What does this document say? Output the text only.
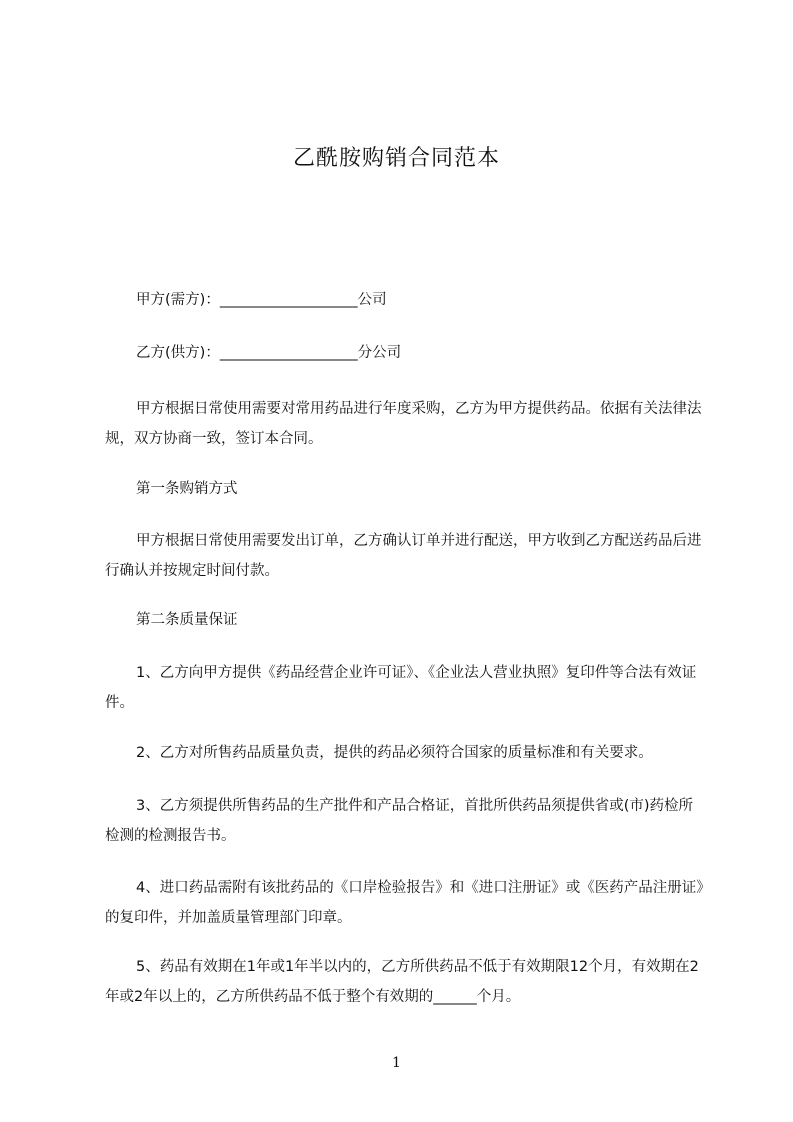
乙酰胺购销合同范本
甲方(需方)：___________________公司
乙方(供方)：___________________分公司
甲方根据日常使用需要对常用药品进行年度采购，乙方为甲方提供药品。依据有关法律法规，双方协商一致，签订本合同。
第一条购销方式
甲方根据日常使用需要发出订单，乙方确认订单并进行配送，甲方收到乙方配送药品后进行确认并按规定时间付款。
第二条质量保证
1、乙方向甲方提供《药品经营企业许可证》、《企业法人营业执照》复印件等合法有效证件。
2、乙方对所售药品质量负责，提供的药品必须符合国家的质量标准和有关要求。
3、乙方须提供所售药品的生产批件和产品合格证，首批所供药品须提供省或(市)药检所检测的检测报告书。
4、进口药品需附有该批药品的《口岸检验报告》和《进口注册证》或《医药产品注册证》的复印件，并加盖质量管理部门印章。
5、药品有效期在1年或1年半以内的，乙方所供药品不低于有效期限12个月，有效期在2年或2年以上的，乙方所供药品不低于整个有效期的______个月。
1
